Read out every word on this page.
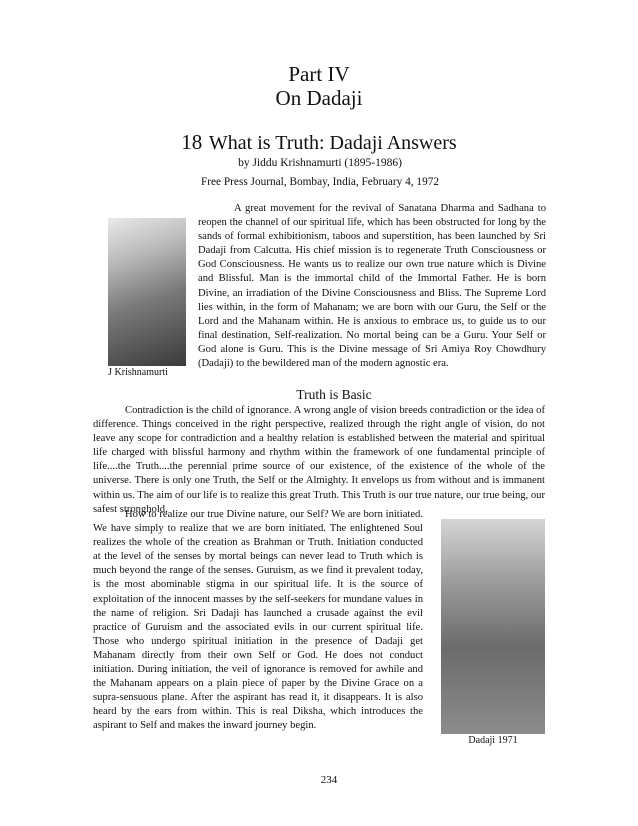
Part IV
On Dadaji
18 What is Truth: Dadaji Answers
by Jiddu Krishnamurti (1895-1986)
Free Press Journal, Bombay, India, February 4, 1972
J Krishnamurti
A great movement for the revival of Sanatana Dharma and Sadhana to reopen the channel of our spiritual life, which has been obstructed for long by the sands of formal exhibitionism, taboos and superstition, has been launched by Sri Dadaji from Calcutta. His chief mission is to regenerate Truth Consciousness or God Consciousness. He wants us to realize our own true nature which is Divine and Blissful. Man is the immortal child of the Immortal Father. He is born Divine, an irradiation of the Divine Consciousness and Bliss. The Supreme Lord lies within, in the form of Mahanam; we are born with our Guru, the Self or the Lord and the Mahanam within. He is anxious to embrace us, to guide us to our final destination, Self-realization. No mortal being can be a Guru. Your Self or God alone is Guru. This is the Divine message of Sri Amiya Roy Chowdhury (Dadaji) to the bewildered man of the modern agnostic era.
Truth is Basic
Contradiction is the child of ignorance. A wrong angle of vision breeds contradiction or the idea of difference. Things conceived in the right perspective, realized through the right angle of vision, do not leave any scope for contradiction and a healthy relation is established between the material and spiritual life charged with blissful harmony and rhythm within the framework of one fundamental principle of life....the Truth....the perennial prime source of our existence, of the existence of the whole of the universe. There is only one Truth, the Self or the Almighty. It envelops us from without and is immanent within us. The aim of our life is to realize this great Truth. This Truth is our true nature, our true being, our safest stronghold.
How to realize our true Divine nature, our Self? We are born initiated. We have simply to realize that we are born initiated. The enlightened Soul realizes the whole of the creation as Brahman or Truth. Initiation conducted at the level of the senses by mortal beings can never lead to Truth which is much beyond the range of the senses. Guruism, as we find it prevalent today, is the most abominable stigma in our spiritual life. It is the source of exploitation of the innocent masses by the self-seekers for mundane values in the name of religion. Sri Dadaji has launched a crusade against the evil practice of Guruism and the associated evils in our current spiritual life. Those who undergo spiritual initiation in the presence of Dadaji get Mahanam directly from their own Self or God. He does not conduct initiation. During initiation, the veil of ignorance is removed for awhile and the Mahanam appears on a plain piece of paper by the Divine Grace on a supra-sensuous plane. After the aspirant has read it, it disappears. It is also heard by the ears from within. This is real Diksha, which introduces the aspirant to Self and makes the inward journey begin.
Dadaji 1971
234
